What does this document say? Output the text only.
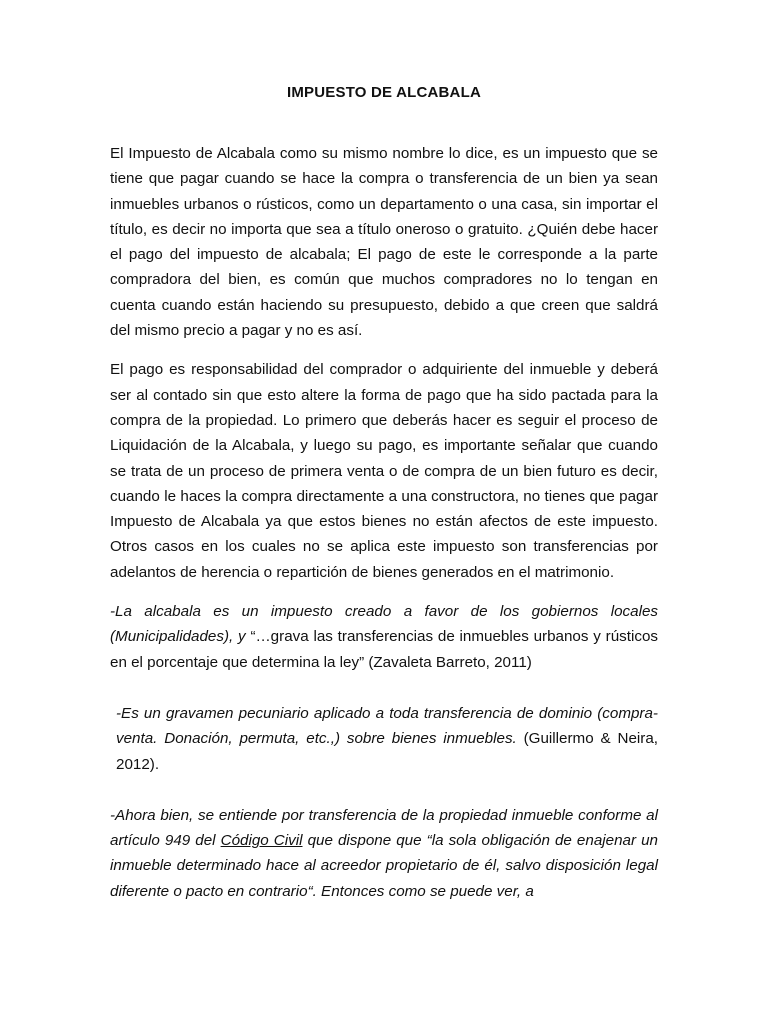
IMPUESTO DE ALCABALA

El Impuesto de Alcabala como su mismo nombre lo dice, es un impuesto que se tiene que pagar cuando se hace la compra o transferencia de un bien ya sean inmuebles urbanos o rústicos, como un departamento o una casa, sin importar el título, es decir no importa que sea a título oneroso o gratuito. ¿Quién debe hacer el pago del impuesto de alcabala; El pago de este le corresponde a la parte compradora del bien, es común que muchos compradores no lo tengan en cuenta cuando están haciendo su presupuesto, debido a que creen que saldrá del mismo precio a pagar y no es así.

El pago es responsabilidad del comprador o adquiriente del inmueble y deberá ser al contado sin que esto altere la forma de pago que ha sido pactada para la compra de la propiedad. Lo primero que deberás hacer es seguir el proceso de Liquidación de la Alcabala, y luego su pago, es importante señalar que cuando se trata de un proceso de primera venta o de compra de un bien futuro es decir, cuando le haces la compra directamente a una constructora, no tienes que pagar Impuesto de Alcabala ya que estos bienes no están afectos de este impuesto. Otros casos en los cuales no se aplica este impuesto son transferencias por adelantos de herencia o repartición de bienes generados en el matrimonio.

-La alcabala es un impuesto creado a favor de los gobiernos locales (Municipalidades), y “…grava las transferencias de inmuebles urbanos y rústicos en el porcentaje que determina la ley” (Zavaleta Barreto, 2011)

-Es un gravamen pecuniario aplicado a toda transferencia de dominio (compra-venta. Donación, permuta, etc.,) sobre bienes inmuebles. (Guillermo & Neira, 2012).

-Ahora bien, se entiende por transferencia de la propiedad inmueble conforme al artículo 949 del Código Civil que dispone que “la sola obligación de enajenar un inmueble determinado hace al acreedor propietario de él, salvo disposición legal diferente o pacto en contrario“. Entonces como se puede ver, a
